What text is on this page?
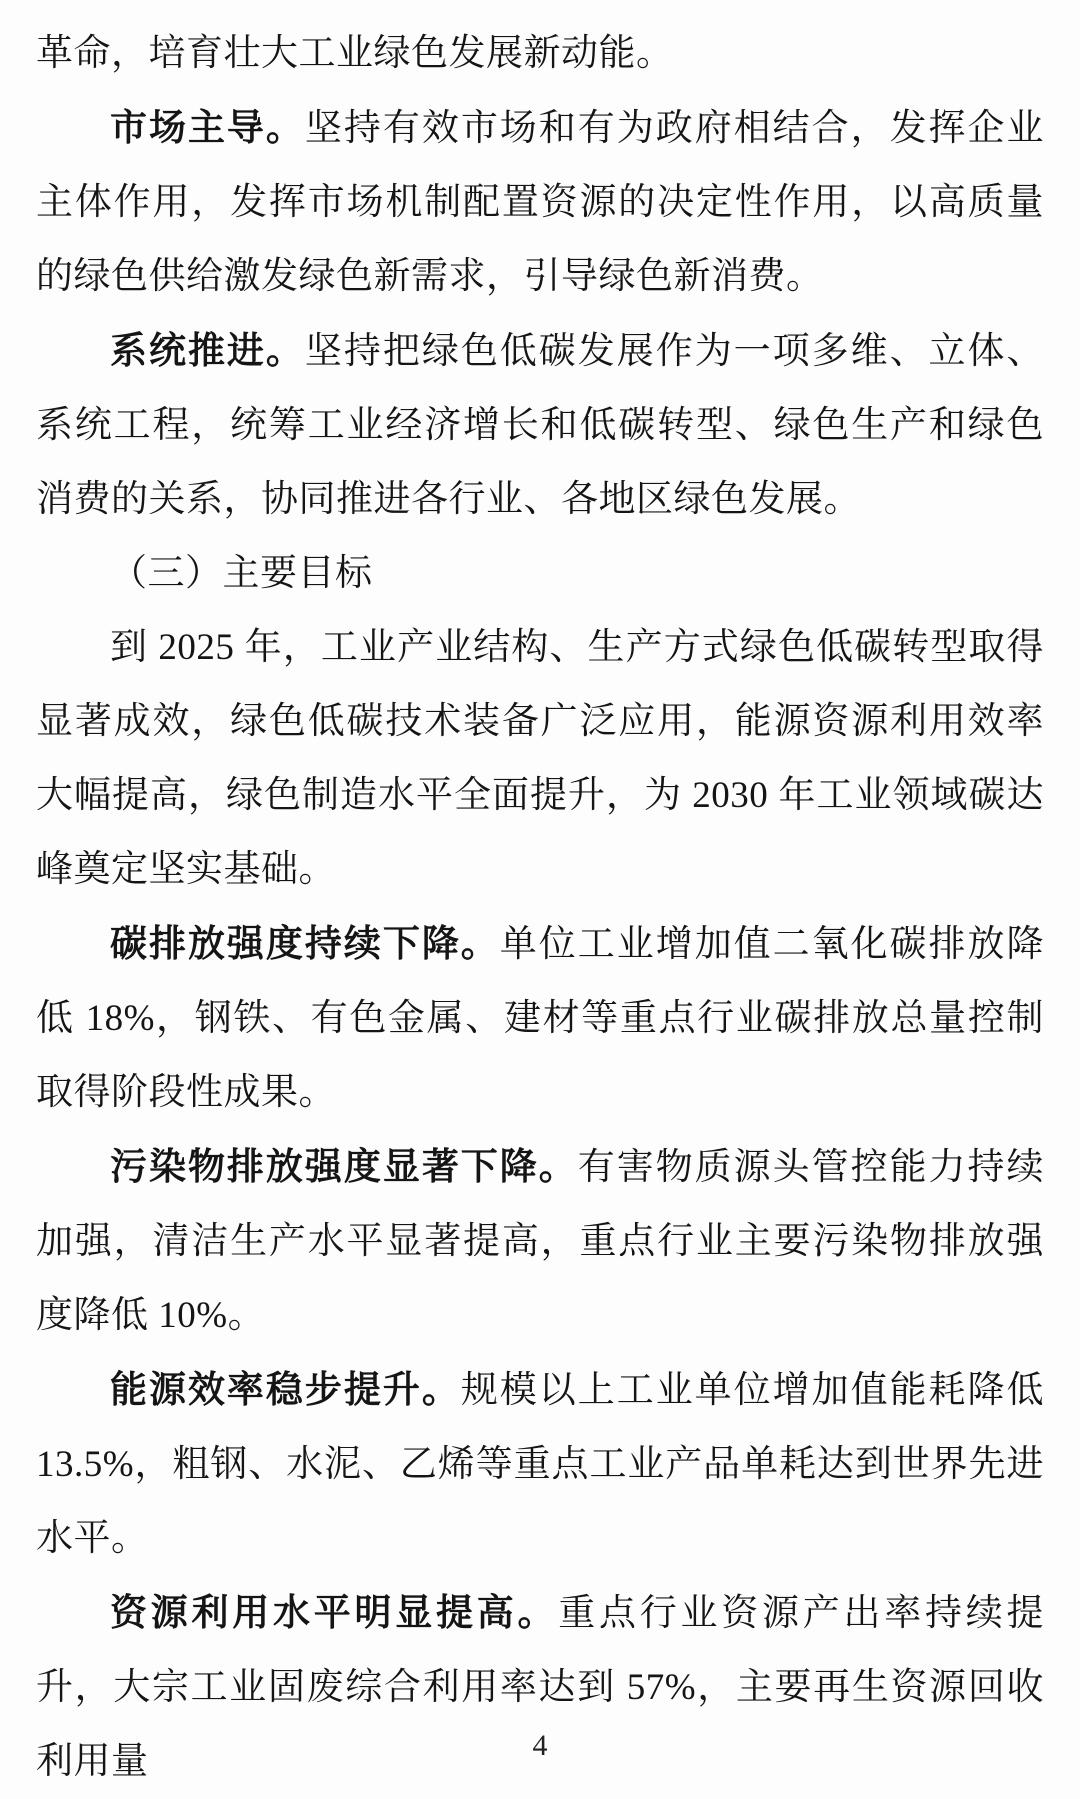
革命，培育壮大工业绿色发展新动能。

市场主导。坚持有效市场和有为政府相结合，发挥企业主体作用，发挥市场机制配置资源的决定性作用，以高质量的绿色供给激发绿色新需求，引导绿色新消费。

系统推进。坚持把绿色低碳发展作为一项多维、立体、系统工程，统筹工业经济增长和低碳转型、绿色生产和绿色消费的关系，协同推进各行业、各地区绿色发展。

（三）主要目标

到 2025 年，工业产业结构、生产方式绿色低碳转型取得显著成效，绿色低碳技术装备广泛应用，能源资源利用效率大幅提高，绿色制造水平全面提升，为 2030 年工业领域碳达峰奠定坚实基础。

碳排放强度持续下降。单位工业增加值二氧化碳排放降低 18%，钢铁、有色金属、建材等重点行业碳排放总量控制取得阶段性成果。

污染物排放强度显著下降。有害物质源头管控能力持续加强，清洁生产水平显著提高，重点行业主要污染物排放强度降低 10%。

能源效率稳步提升。规模以上工业单位增加值能耗降低 13.5%，粗钢、水泥、乙烯等重点工业产品单耗达到世界先进水平。

资源利用水平明显提高。重点行业资源产出率持续提升，大宗工业固废综合利用率达到 57%，主要再生资源回收利用量	4
